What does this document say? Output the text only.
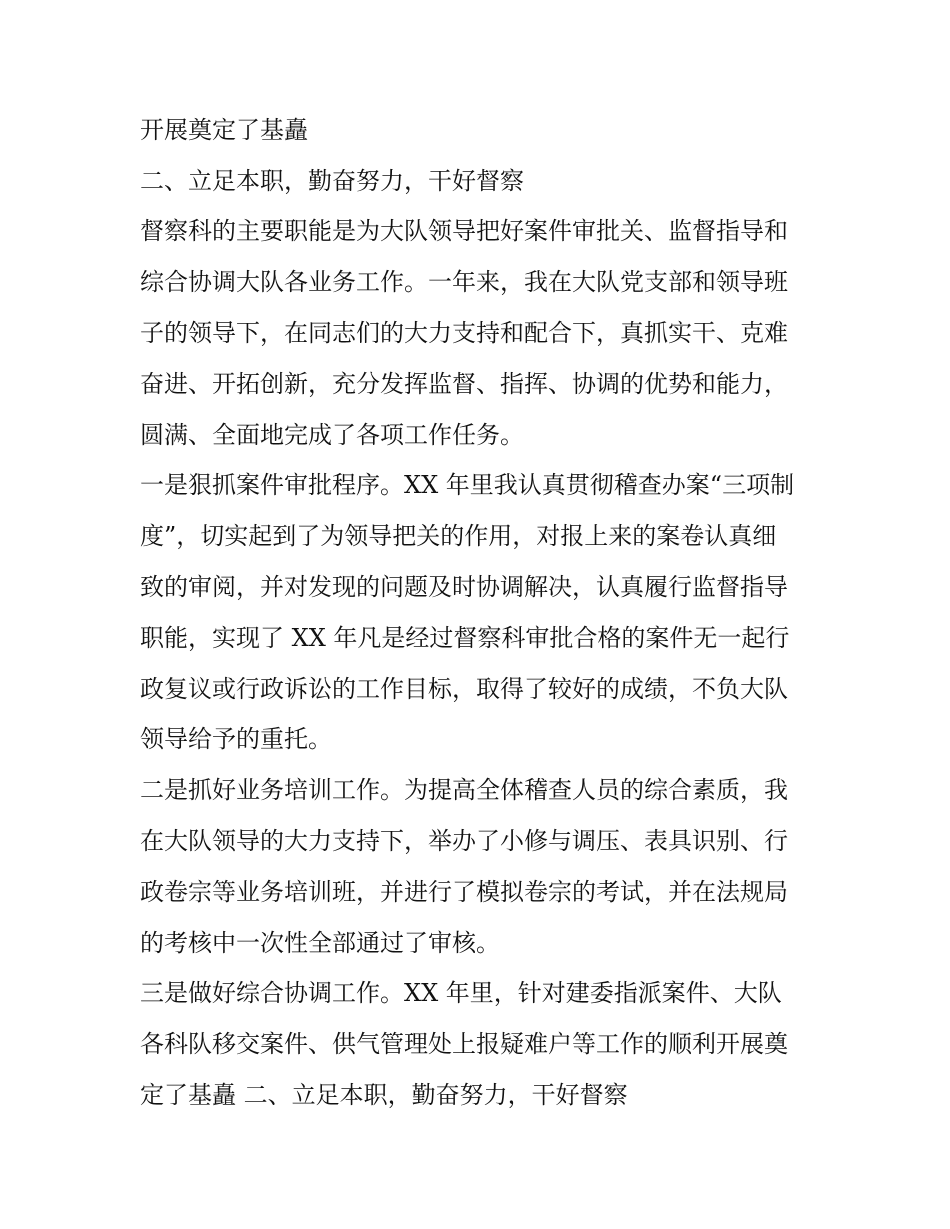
开展奠定了基矗
二、立足本职，勤奋努力，干好督察
督察科的主要职能是为大队领导把好案件审批关、监督指导和
综合协调大队各业务工作。一年来，我在大队党支部和领导班
子的领导下，在同志们的大力支持和配合下，真抓实干、克难
奋进、开拓创新，充分发挥监督、指挥、协调的优势和能力，
圆满、全面地完成了各项工作任务。
一是狠抓案件审批程序。XX 年里我认真贯彻稽查办案“三项制
度”，切实起到了为领导把关的作用，对报上来的案卷认真细
致的审阅，并对发现的问题及时协调解决，认真履行监督指导
职能，实现了 XX 年凡是经过督察科审批合格的案件无一起行
政复议或行政诉讼的工作目标，取得了较好的成绩，不负大队
领导给予的重托。
二是抓好业务培训工作。为提高全体稽查人员的综合素质，我
在大队领导的大力支持下，举办了小修与调压、表具识别、行
政卷宗等业务培训班，并进行了模拟卷宗的考试，并在法规局
的考核中一次性全部通过了审核。
三是做好综合协调工作。XX 年里，针对建委指派案件、大队
各科队移交案件、供气管理处上报疑难户等工作的顺利开展奠
定了基矗 二、立足本职，勤奋努力，干好督察
